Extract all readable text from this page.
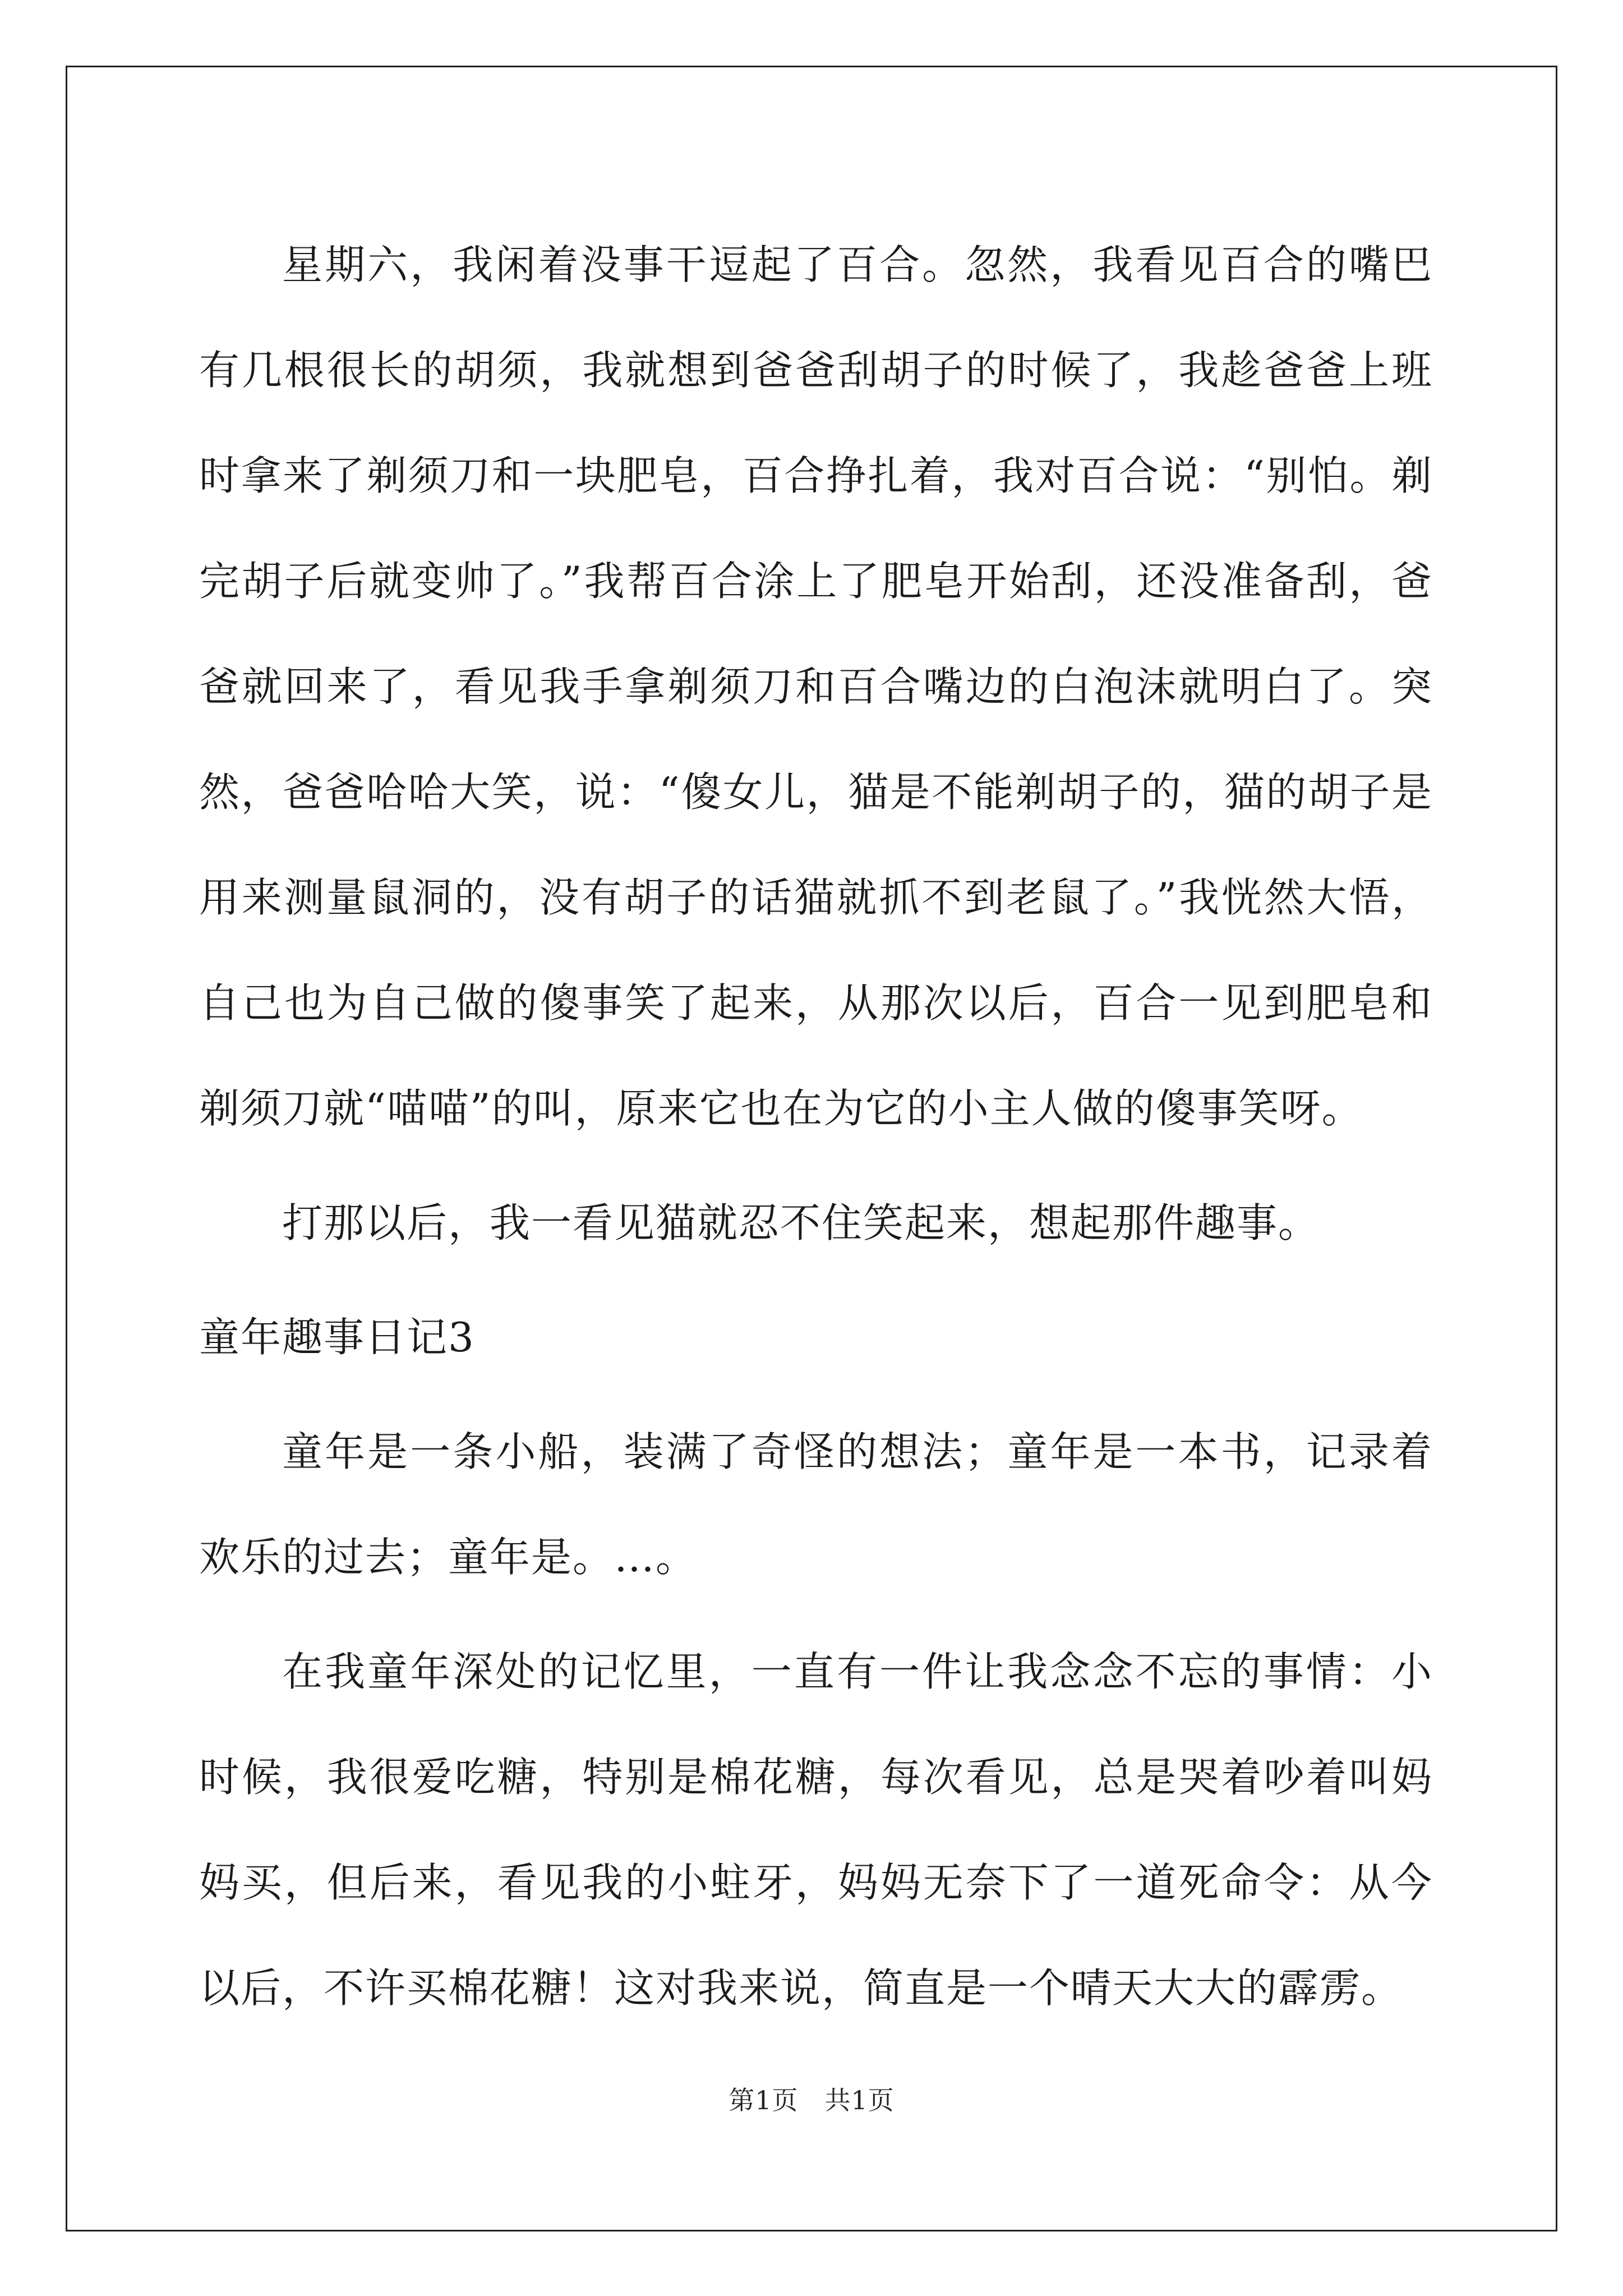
星期六，我闲着没事干逗起了百合。忽然，我看见百合的嘴巴有几根很长的胡须，我就想到爸爸刮胡子的时候了，我趁爸爸上班时拿来了剃须刀和一块肥皂，百合挣扎着，我对百合说：“别怕。剃完胡子后就变帅了。”我帮百合涂上了肥皂开始刮，还没准备刮，爸爸就回来了，看见我手拿剃须刀和百合嘴边的白泡沫就明白了。突然，爸爸哈哈大笑，说：“傻女儿，猫是不能剃胡子的，猫的胡子是用来测量鼠洞的，没有胡子的话猫就抓不到老鼠了。”我恍然大悟，自己也为自己做的傻事笑了起来，从那次以后，百合一见到肥皂和剃须刀就“喵喵”的叫，原来它也在为它的小主人做的傻事笑呀。

打那以后，我一看见猫就忍不住笑起来，想起那件趣事。

童年趣事日记3

童年是一条小船，装满了奇怪的想法；童年是一本书，记录着欢乐的过去；童年是。…。

在我童年深处的记忆里，一直有一件让我念念不忘的事情：小时候，我很爱吃糖，特别是棉花糖，每次看见，总是哭着吵着叫妈妈买，但后来，看见我的小蛀牙，妈妈无奈下了一道死命令：从今以后，不许买棉花糖！这对我来说，简直是一个晴天大大的霹雳。

第1页　共1页
